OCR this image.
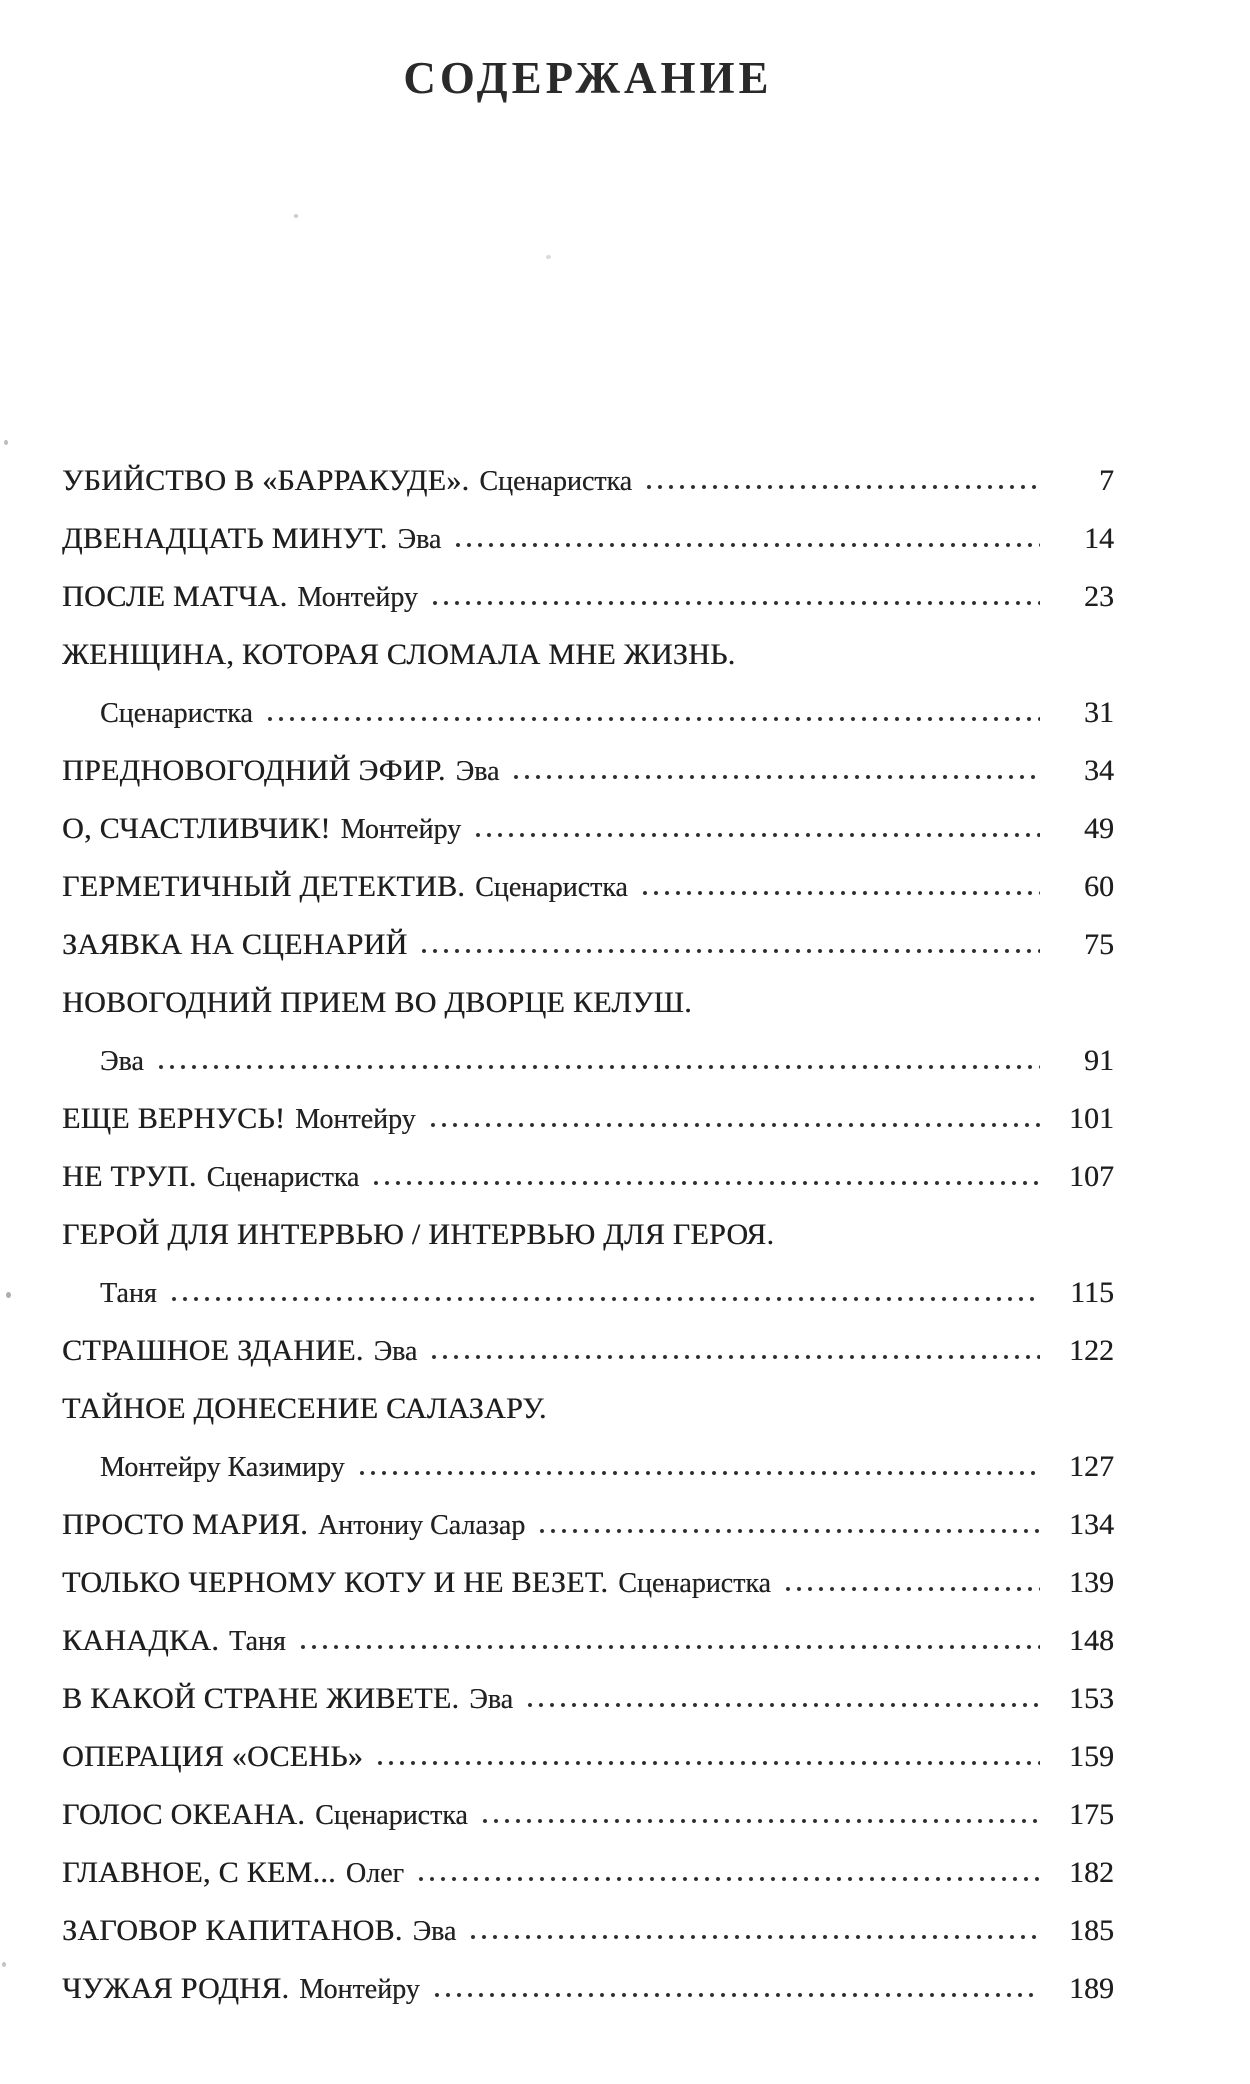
СОДЕРЖАНИЕ
УБИЙСТВО В «БАРРАКУДЕ». Сценаристка	7
ДВЕНАДЦАТЬ МИНУТ. Эва	14
ПОСЛЕ МАТЧА. Монтейру	23
ЖЕНЩИНА, КОТОРАЯ СЛОМАЛА МНЕ ЖИЗНЬ.
Сценаристка	31
ПРЕДНОВОГОДНИЙ ЭФИР. Эва	34
О, СЧАСТЛИВЧИК! Монтейру	49
ГЕРМЕТИЧНЫЙ ДЕТЕКТИВ. Сценаристка	60
ЗАЯВКА НА СЦЕНАРИЙ	75
НОВОГОДНИЙ ПРИЕМ ВО ДВОРЦЕ КЕЛУШ.
Эва	91
ЕЩЕ ВЕРНУСЬ! Монтейру	101
НЕ ТРУП. Сценаристка	107
ГЕРОЙ ДЛЯ ИНТЕРВЬЮ / ИНТЕРВЬЮ ДЛЯ ГЕРОЯ.
Таня	115
СТРАШНОЕ ЗДАНИЕ. Эва	122
ТАЙНОЕ ДОНЕСЕНИЕ САЛАЗАРУ.
Монтейру Казимиру	127
ПРОСТО МАРИЯ. Антониу Салазар	134
ТОЛЬКО ЧЕРНОМУ КОТУ И НЕ ВЕЗЕТ. Сценаристка	139
КАНАДКА. Таня	148
В КАКОЙ СТРАНЕ ЖИВЕТЕ. Эва	153
ОПЕРАЦИЯ «ОСЕНЬ»	159
ГОЛОС ОКЕАНА. Сценаристка	175
ГЛАВНОЕ, С КЕМ... Олег	182
ЗАГОВОР КАПИТАНОВ. Эва	185
ЧУЖАЯ РОДНЯ. Монтейру	189
